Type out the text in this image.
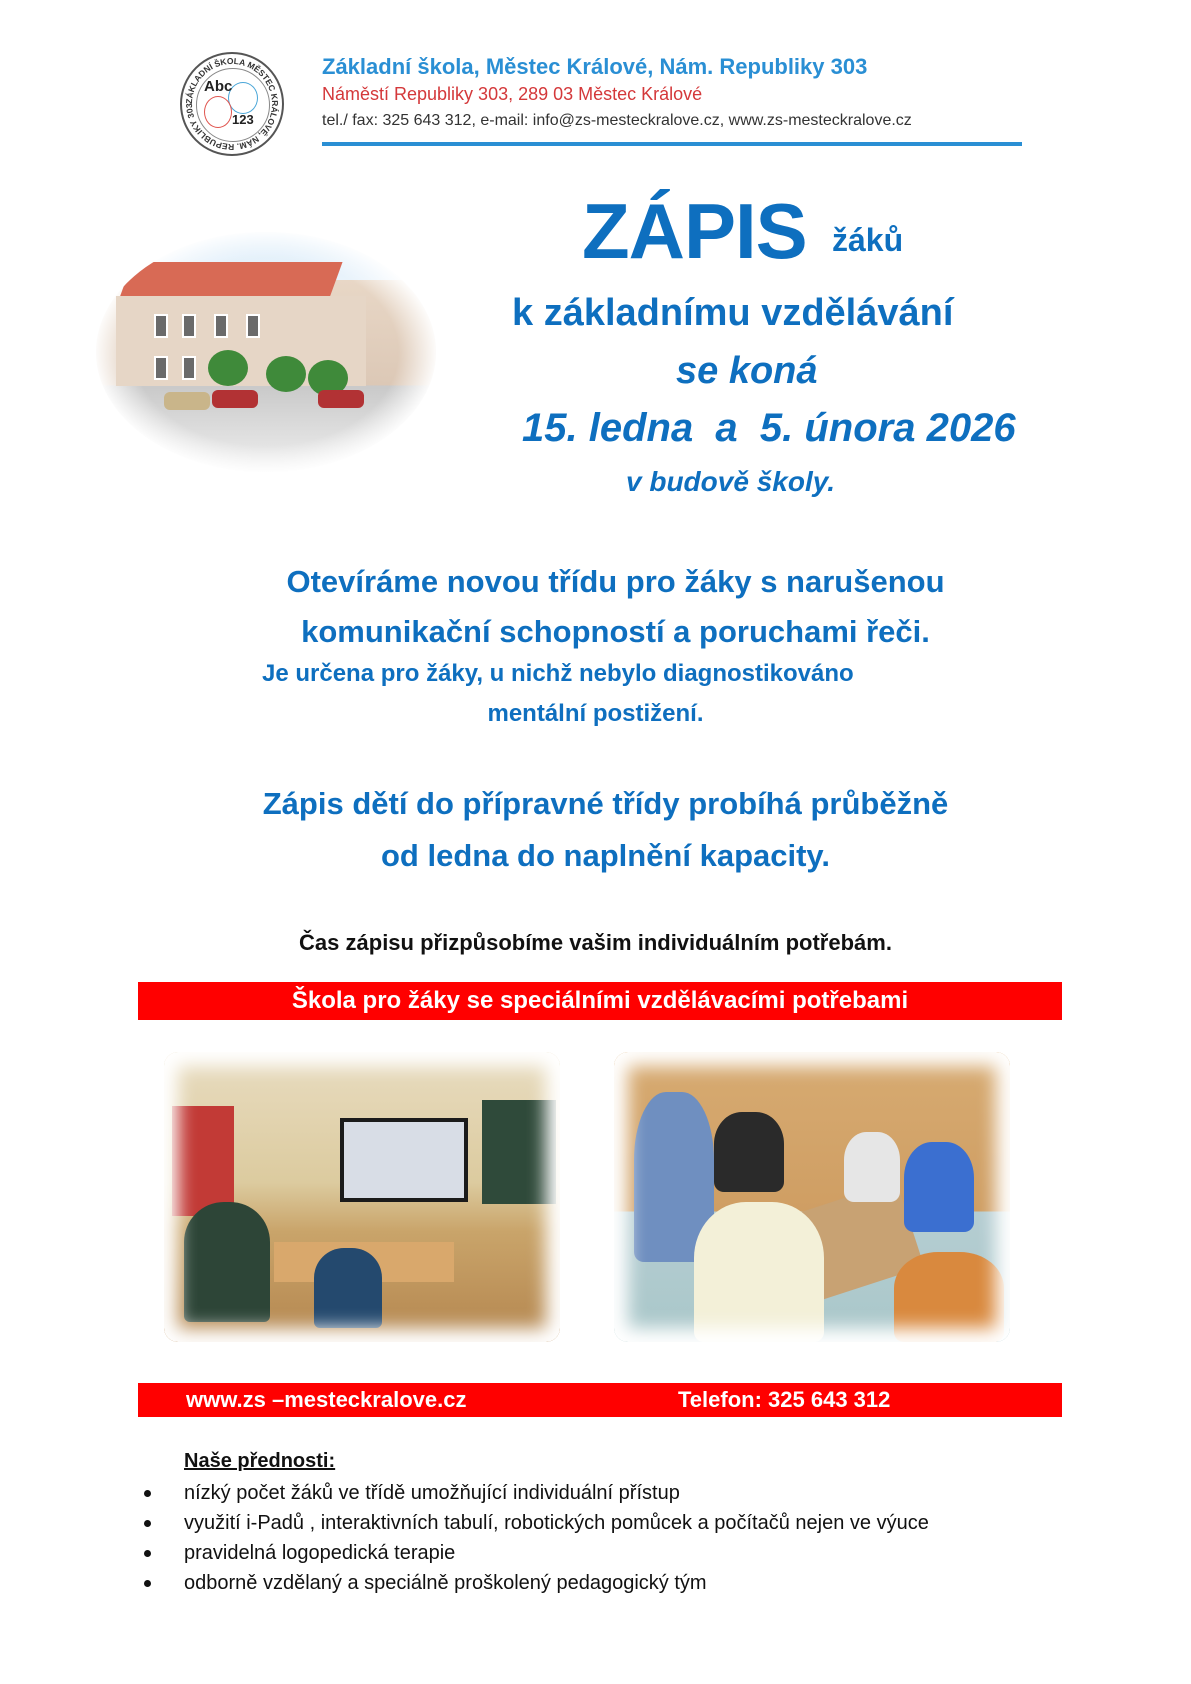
ZÁKLADNÍ ŠKOLA MĚSTEC KRÁLOVÉ, NÁM. REPUBLIKY 303
Abc
123
Základní škola, Městec Králové, Nám. Republiky 303
Náměstí Republiky 303, 289 03 Městec Králové
tel./ fax: 325 643 312, e-mail: info@zs-mesteckralove.cz, www.zs-mesteckralove.cz
ZÁPIS žáků
k základnímu vzdělávání
se koná
15. ledna  a  5. února 2026
v budově školy.
Otevíráme novou třídu pro žáky s narušenou
komunikační schopností a poruchami řeči.
Je určena pro žáky, u nichž nebylo diagnostikováno
mentální postižení.
Zápis dětí do přípravné třídy probíhá průběžně
od ledna do naplnění kapacity.
Čas zápisu přizpůsobíme vašim individuálním potřebám.
Škola pro žáky se speciálními vzdělávacími potřebami
www.zs –mesteckralove.cz	Telefon: 325 643 312
Naše přednosti:
nízký počet žáků ve třídě umožňující individuální přístup
využití i-Padů , interaktivních tabulí, robotických pomůcek a počítačů nejen ve výuce
pravidelná logopedická terapie
odborně vzdělaný a speciálně proškolený pedagogický tým
